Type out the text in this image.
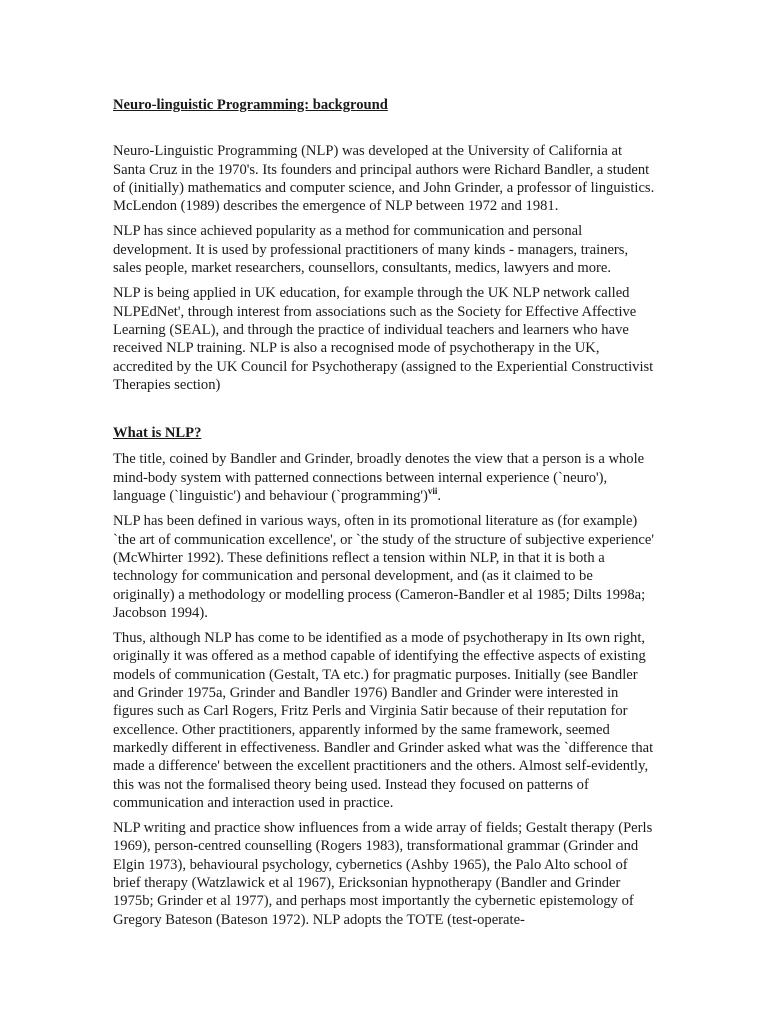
Neuro-linguistic Programming: background

Neuro-Linguistic Programming (NLP) was developed at the University of California at Santa Cruz in the 1970's. Its founders and principal authors were Richard Bandler, a student of (initially) mathematics and computer science, and John Grinder, a professor of linguistics. McLendon (1989) describes the emergence of NLP between 1972 and 1981.

NLP has since achieved popularity as a method for communication and personal development. It is used by professional practitioners of many kinds - managers, trainers, sales people, market researchers, counsellors, consultants, medics, lawyers and more.

NLP is being applied in UK education, for example through the UK NLP network called NLPEdNet', through interest from associations such as the Society for Effective Affective Learning (SEAL), and through the practice of individual teachers and learners who have received NLP training. NLP is also a recognised mode of psychotherapy in the UK, accredited by the UK Council for Psychotherapy (assigned to the Experiential Constructivist Therapies section)

What is NLP?

The title, coined by Bandler and Grinder, broadly denotes the view that a person is a whole mind-body system with patterned connections between internal experience (`neuro'), language (`linguistic') and behaviour (`programming')$^{vii}$.

NLP has been defined in various ways, often in its promotional literature as (for example) `the art of communication excellence', or `the study of the structure of subjective experience' (McWhirter 1992). These definitions reflect a tension within NLP, in that it is both a technology for communication and personal development, and (as it claimed to be originally) a methodology or modelling process (Cameron-Bandler et al 1985; Dilts 1998a; Jacobson 1994).

Thus, although NLP has come to be identified as a mode of psychotherapy in Its own right, originally it was offered as a method capable of identifying the effective aspects of existing models of communication (Gestalt, TA etc.) for pragmatic purposes. Initially (see Bandler and Grinder 1975a, Grinder and Bandler 1976) Bandler and Grinder were interested in figures such as Carl Rogers, Fritz Perls and Virginia Satir because of their reputation for excellence. Other practitioners, apparently informed by the same framework, seemed markedly different in effectiveness. Bandler and Grinder asked what was the `difference that made a difference' between the excellent practitioners and the others. Almost self-evidently, this was not the formalised theory being used. Instead they focused on patterns of communication and interaction used in practice.

NLP writing and practice show influences from a wide array of fields; Gestalt therapy (Perls 1969), person-centred counselling (Rogers 1983), transformational grammar (Grinder and Elgin 1973), behavioural psychology, cybernetics (Ashby 1965), the Palo Alto school of brief therapy (Watzlawick et al 1967), Ericksonian hypnotherapy (Bandler and Grinder 1975b; Grinder et al 1977), and perhaps most importantly the cybernetic epistemology of Gregory Bateson (Bateson 1972). NLP adopts the TOTE (test-operate-
